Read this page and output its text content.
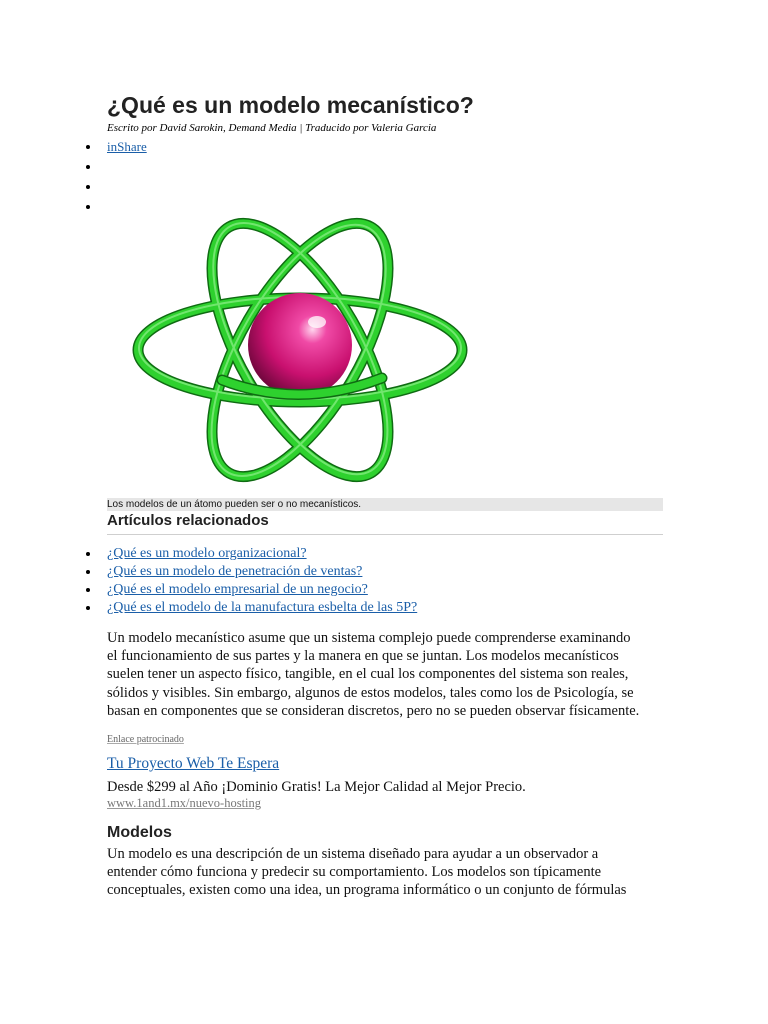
¿Qué es un modelo mecanístico?
Escrito por David Sarokin, Demand Media | Traducido por Valeria Garcia
inShare
Los modelos de un átomo pueden ser o no mecanísticos.
Artículos relacionados
¿Qué es un modelo organizacional?
¿Qué es un modelo de penetración de ventas?
¿Qué es el modelo empresarial de un negocio?
¿Qué es el modelo de la manufactura esbelta de las 5P?

Un modelo mecanístico asume que un sistema complejo puede comprenderse examinando
el funcionamiento de sus partes y la manera en que se juntan. Los modelos mecanísticos
suelen tener un aspecto físico, tangible, en el cual los componentes del sistema son reales,
sólidos y visibles. Sin embargo, algunos de estos modelos, tales como los de Psicología, se
basan en componentes que se consideran discretos, pero no se pueden observar físicamente.

Enlace patrocinado
Tu Proyecto Web Te Espera
Desde $299 al Año ¡Dominio Gratis! La Mejor Calidad al Mejor Precio.
www.1and1.mx/nuevo-hosting
Modelos

Un modelo es una descripción de un sistema diseñado para ayudar a un observador a
entender cómo funciona y predecir su comportamiento. Los modelos son típicamente
conceptuales, existen como una idea, un programa informático o un conjunto de fórmulas
